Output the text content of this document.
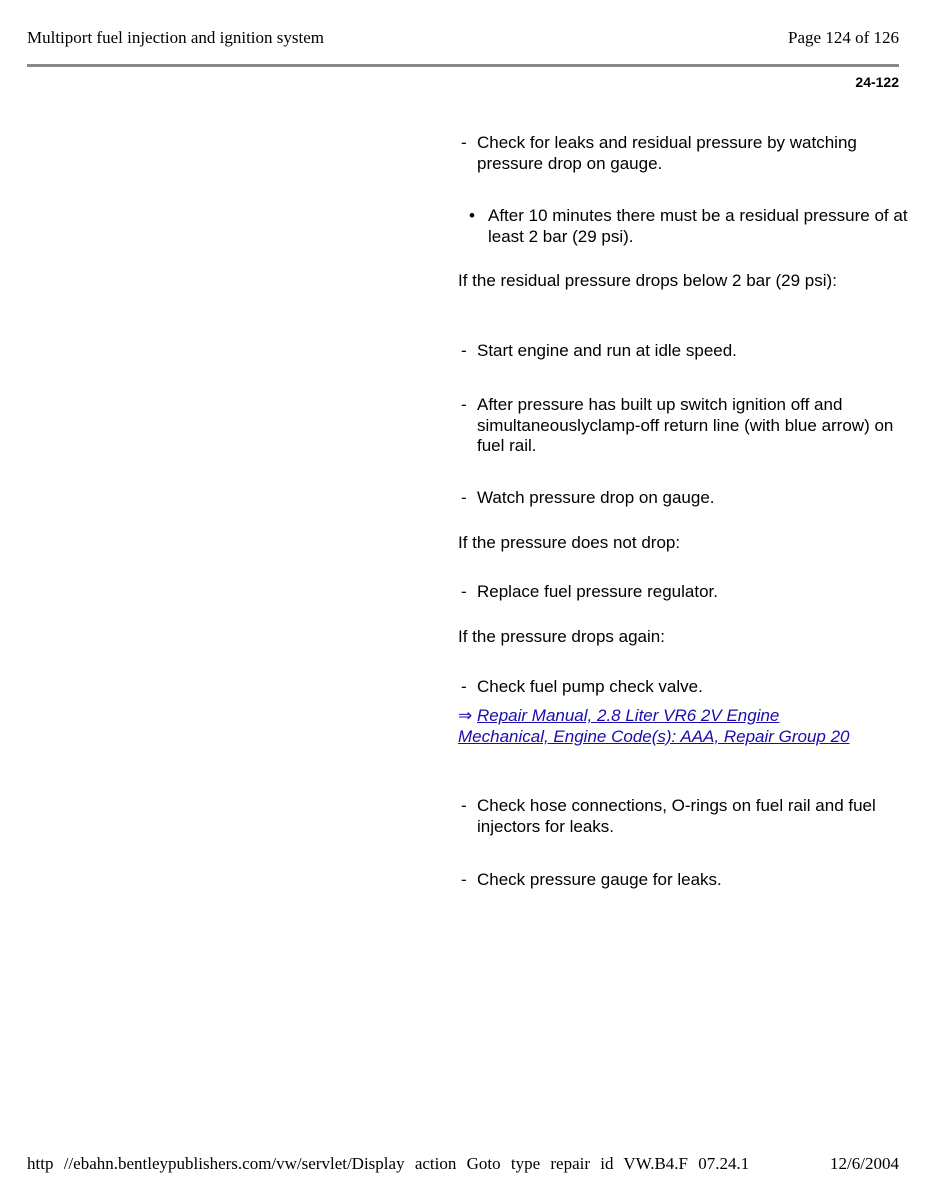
Multiport fuel injection and ignition system	Page 124 of 126
24-122
- Check for leaks and residual pressure by watching pressure drop on gauge.
• After 10 minutes there must be a residual pressure of at least 2 bar (29 psi).
If the residual pressure drops below 2 bar (29 psi):
- Start engine and run at idle speed.
- After pressure has built up switch ignition off and simultaneouslyclamp-off return line (with blue arrow) on fuel rail.
- Watch pressure drop on gauge.
If the pressure does not drop:
- Replace fuel pressure regulator.
If the pressure drops again:
- Check fuel pump check valve.
⇒ Repair Manual, 2.8 Liter VR6 2V Engine Mechanical, Engine Code(s): AAA, Repair Group 20
- Check hose connections, O-rings on fuel rail and fuel injectors for leaks.
- Check pressure gauge for leaks.
http //ebahn.bentleypublishers.com/vw/servlet/Display action Goto type repair id VW.B4.F 07.24.1	12/6/2004
